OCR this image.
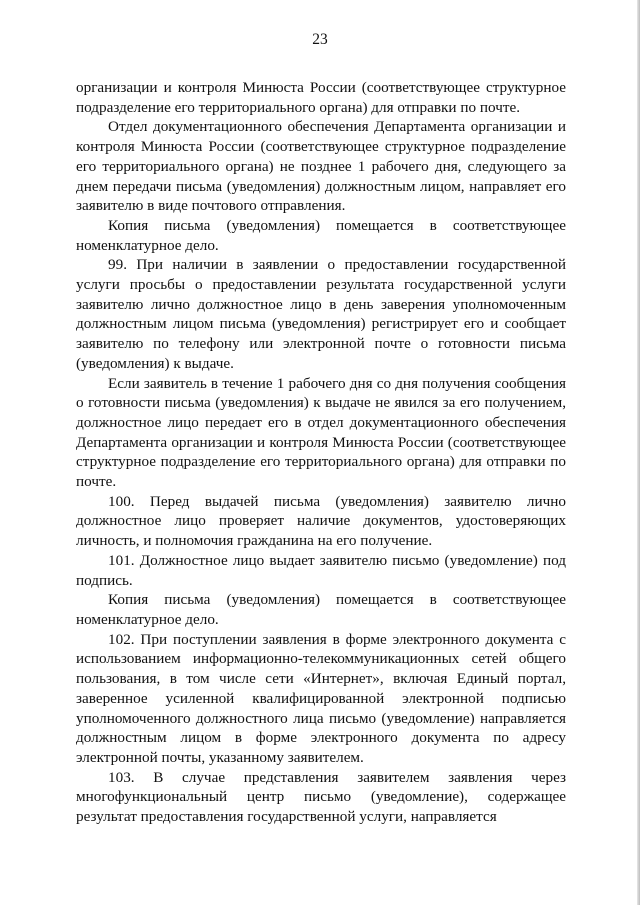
23

организации и контроля Минюста России (соответствующее структурное подразделение его территориального органа) для отправки по почте.

Отдел документационного обеспечения Департамента организации и контроля Минюста России (соответствующее структурное подразделение его территориального органа) не позднее 1 рабочего дня, следующего за днем передачи письма (уведомления) должностным лицом, направляет его заявителю в виде почтового отправления.

Копия письма (уведомления) помещается в соответствующее номенклатурное дело.

99. При наличии в заявлении о предоставлении государственной услуги просьбы о предоставлении результата государственной услуги заявителю лично должностное лицо в день заверения уполномоченным должностным лицом письма (уведомления) регистрирует его и сообщает заявителю по телефону или электронной почте о готовности письма (уведомления) к выдаче.

Если заявитель в течение 1 рабочего дня со дня получения сообщения о готовности письма (уведомления) к выдаче не явился за его получением, должностное лицо передает его в отдел документационного обеспечения Департамента организации и контроля Минюста России (соответствующее структурное подразделение его территориального органа) для отправки по почте.

100. Перед выдачей письма (уведомления) заявителю лично должностное лицо проверяет наличие документов, удостоверяющих личность, и полномочия гражданина на его получение.

101. Должностное лицо выдает заявителю письмо (уведомление) под подпись.

Копия письма (уведомления) помещается в соответствующее номенклатурное дело.

102. При поступлении заявления в форме электронного документа с использованием информационно-телекоммуникационных сетей общего пользования, в том числе сети «Интернет», включая Единый портал, заверенное усиленной квалифицированной электронной подписью уполномоченного должностного лица письмо (уведомление) направляется должностным лицом в форме электронного документа по адресу электронной почты, указанному заявителем.

103. В случае представления заявителем заявления через многофункциональный центр письмо (уведомление), содержащее результат предоставления государственной услуги, направляется
